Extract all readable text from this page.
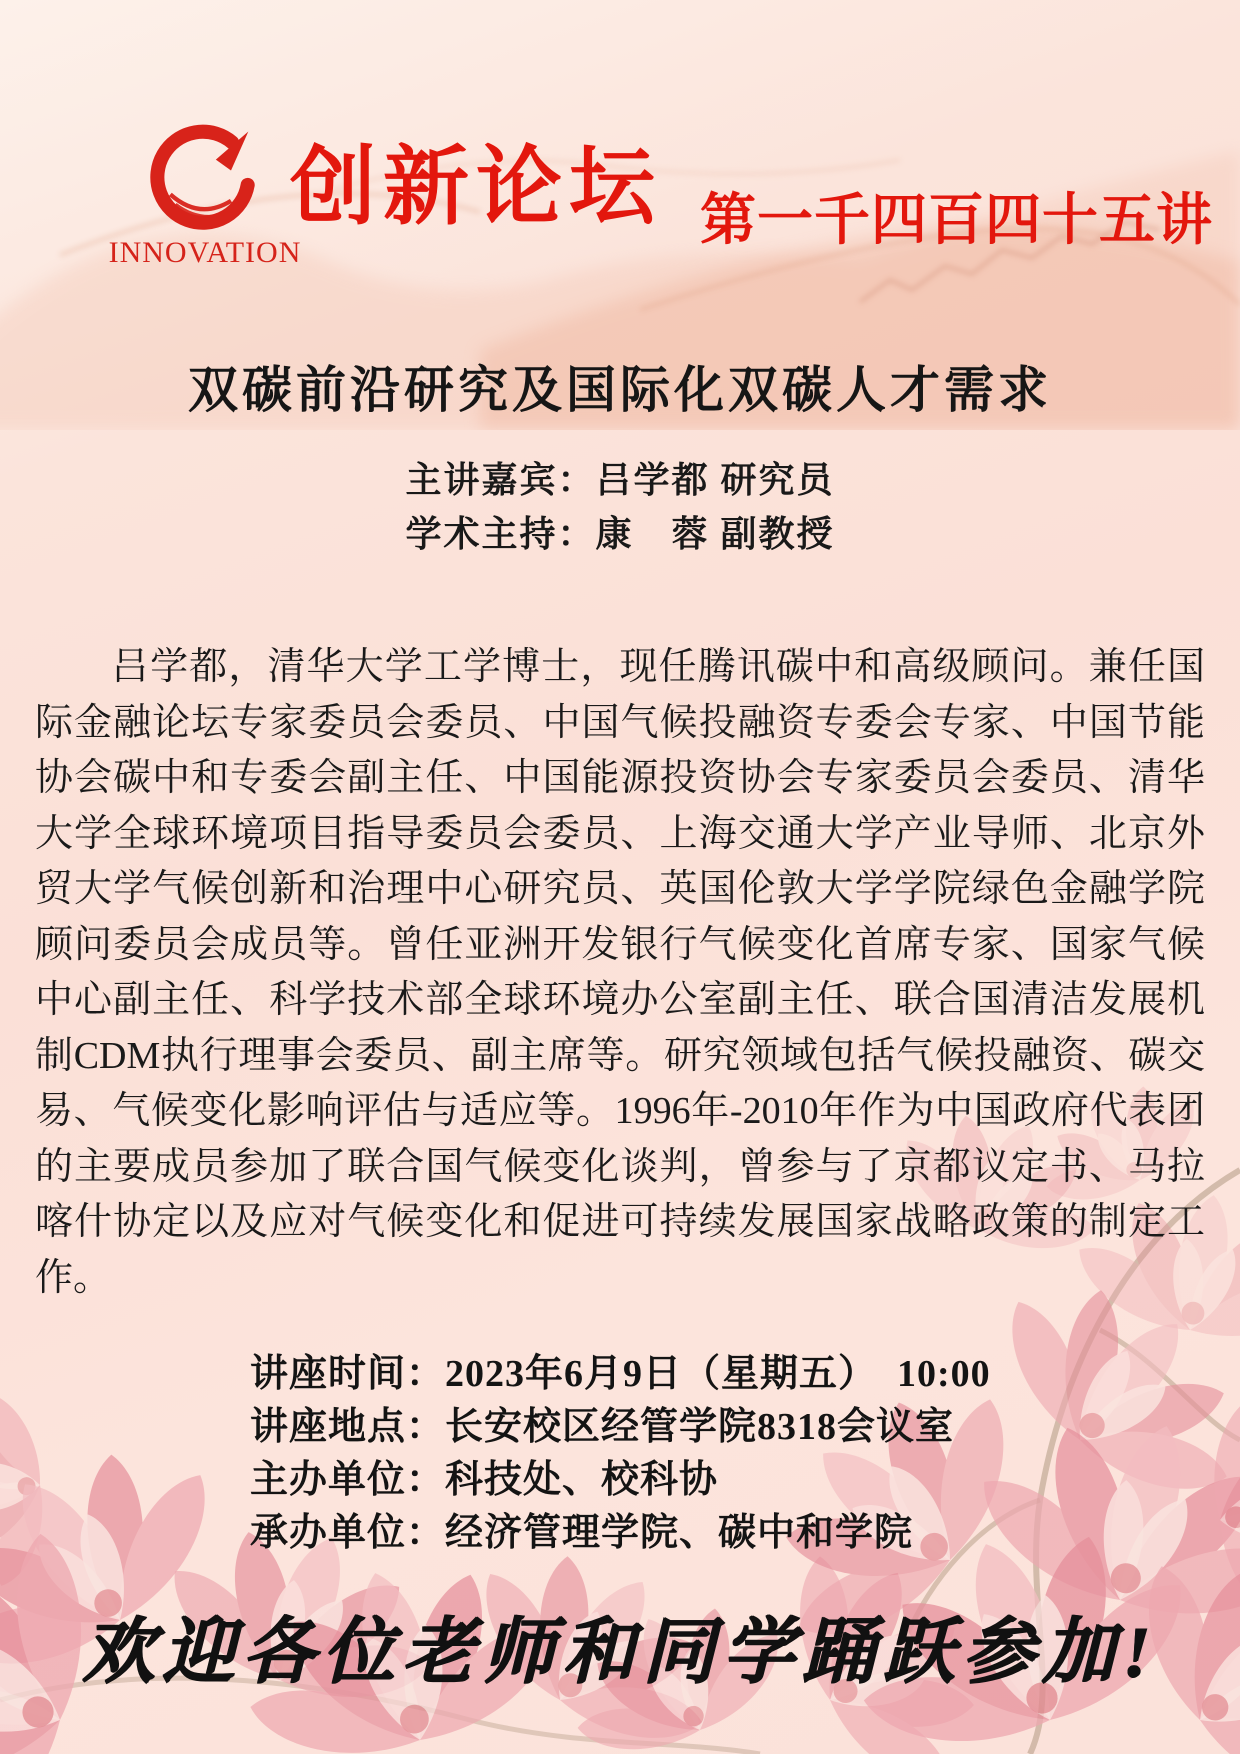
INNOVATION
创新论坛 第一千四百四十五讲
双碳前沿研究及国际化双碳人才需求
主讲嘉宾：吕学都 研究员
学术主持：康　蓉 副教授
吕学都，清华大学工学博士，现任腾讯碳中和高级顾问。兼任国
际金融论坛专家委员会委员、中国气候投融资专委会专家、中国节能
协会碳中和专委会副主任、中国能源投资协会专家委员会委员、清华
大学全球环境项目指导委员会委员、上海交通大学产业导师、北京外
贸大学气候创新和治理中心研究员、英国伦敦大学学院绿色金融学院
顾问委员会成员等。曾任亚洲开发银行气候变化首席专家、国家气候
中心副主任、科学技术部全球环境办公室副主任、联合国清洁发展机
制CDM执行理事会委员、副主席等。研究领域包括气候投融资、碳交
易、气候变化影响评估与适应等。1996年-2010年作为中国政府代表团
的主要成员参加了联合国气候变化谈判，曾参与了京都议定书、马拉
喀什协定以及应对气候变化和促进可持续发展国家战略政策的制定工
作。
讲座时间：2023年6月9日（星期五）　10:00
讲座地点：长安校区经管学院8318会议室
主办单位：科技处、校科协
承办单位：经济管理学院、碳中和学院
欢迎各位老师和同学踊跃参加!
